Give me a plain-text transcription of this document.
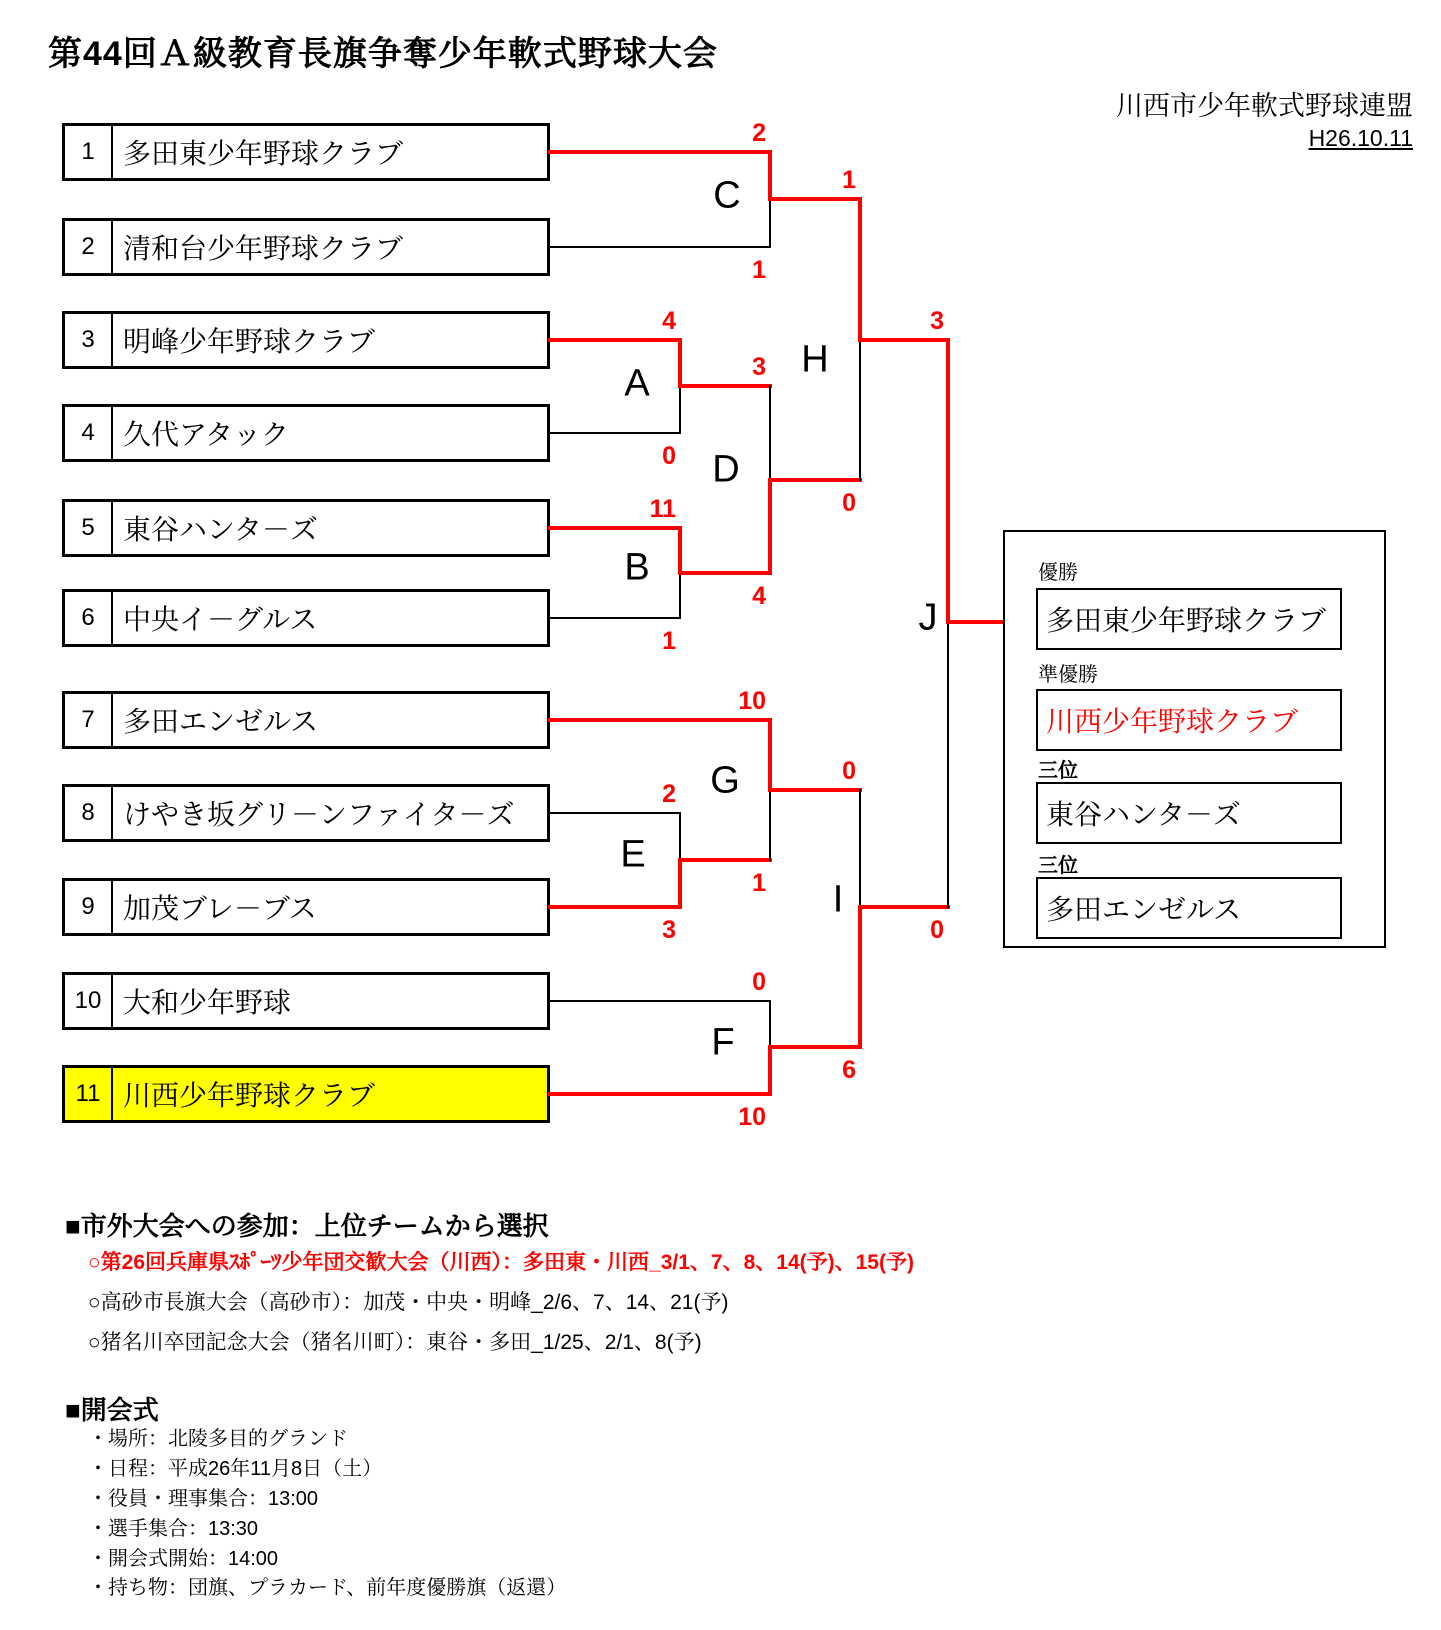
第44回Ａ級教育長旗争奪少年軟式野球大会
川西市少年軟式野球連盟
H26.10.11
1	多田東少年野球クラブ
2	清和台少年野球クラブ
3	明峰少年野球クラブ
4	久代アタック
5	東谷ハンタ－ズ
6	中央イ－グルス
7	多田エンゼルス
8	けやき坂グリ－ンファイタ－ズ
9	加茂ブレ－ブス
10 大和少年野球
11 川西少年野球クラブ
4
0
A
11
1
B
2
1
C
3
4
D
2
3
E
0
10
F
10
1
G
1
0
H
0
6
I
3
0
J
優勝
多田東少年野球クラブ
準優勝
川西少年野球クラブ
三位
東谷ハンタ－ズ
三位
多田エンゼルス
■市外大会への参加：上位チームから選択
○第26回兵庫県ｽﾎﾟｰﾂ少年団交歓大会（川西）：多田東・川西_3/1、7、8、14(予)、15(予)
○高砂市長旗大会（高砂市）：加茂・中央・明峰_2/6、7、14、21(予)
○猪名川卒団記念大会（猪名川町）：東谷・多田_1/25、2/1、8(予)
■開会式
・場所：北陵多目的グランド
・日程：平成26年11月8日（土）
・役員・理事集合：13:00
・選手集合：13:30
・開会式開始：14:00
・持ち物：団旗、プラカード、前年度優勝旗（返還）
